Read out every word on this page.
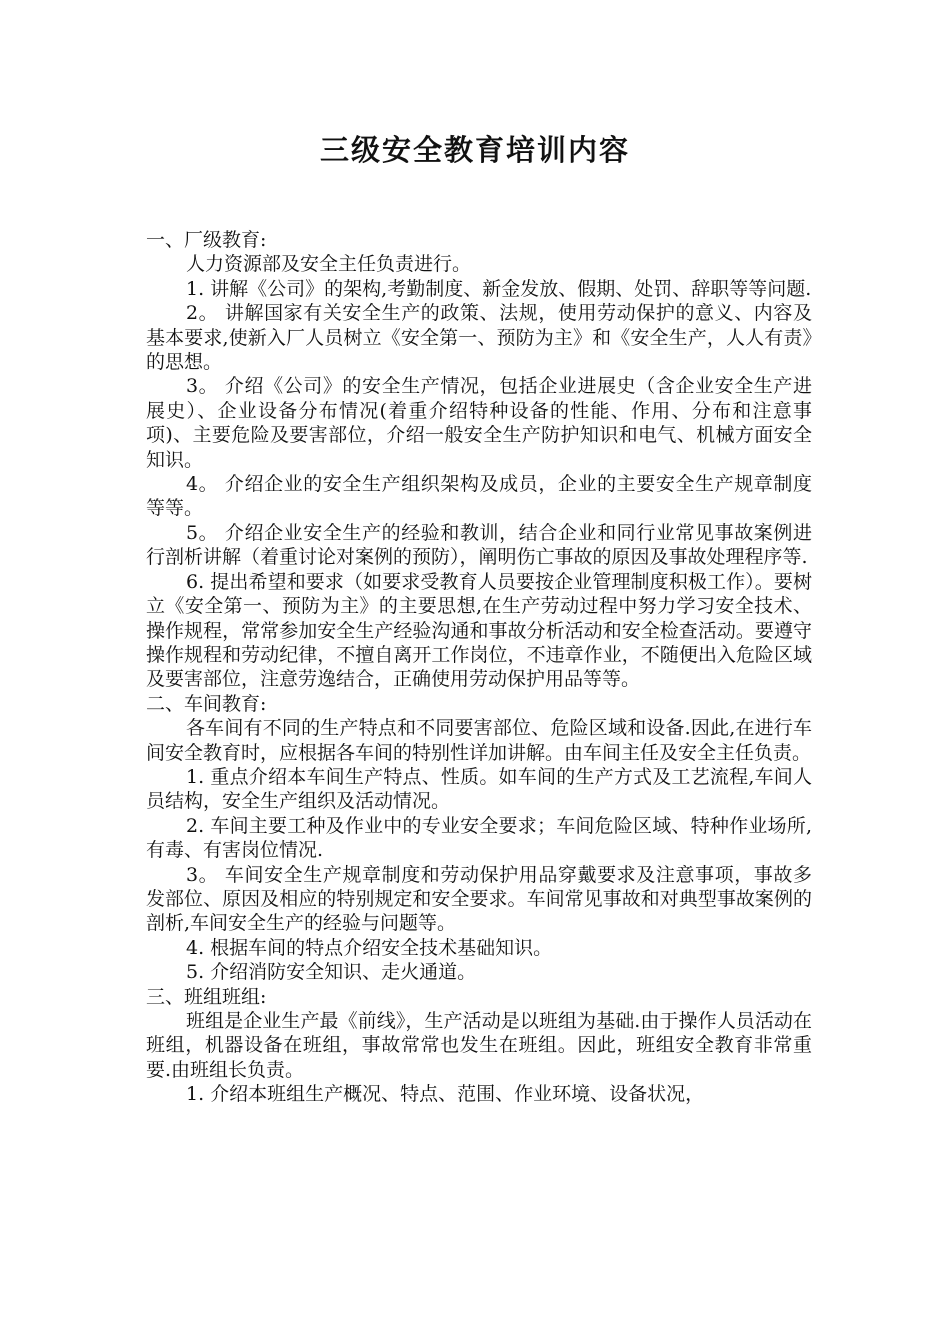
三级安全教育培训内容

一、厂级教育:

人力资源部及安全主任负责进行。

1. 讲解《公司》的架构,考勤制度、新金发放、假期、处罚、辞职等等问题.

2。 讲解国家有关安全生产的政策、法规，使用劳动保护的意义、内容及基本要求,使新入厂人员树立《安全第一、预防为主》和《安全生产，人人有责》的思想。

3。 介绍《公司》的安全生产情况，包括企业进展史（含企业安全生产进展史）、企业设备分布情况(着重介绍特种设备的性能、作用、分布和注意事项)、主要危险及要害部位，介绍一般安全生产防护知识和电气、机械方面安全知识。

4。 介绍企业的安全生产组织架构及成员，企业的主要安全生产规章制度等等。

5。 介绍企业安全生产的经验和教训，结合企业和同行业常见事故案例进行剖析讲解（着重讨论对案例的预防），阐明伤亡事故的原因及事故处理程序等.

6. 提出希望和要求（如要求受教育人员要按企业管理制度积极工作）。要树立《安全第一、预防为主》的主要思想,在生产劳动过程中努力学习安全技术、操作规程，常常参加安全生产经验沟通和事故分析活动和安全检查活动。要遵守操作规程和劳动纪律，不擅自离开工作岗位，不违章作业，不随便出入危险区域及要害部位，注意劳逸结合，正确使用劳动保护用品等等。

二、车间教育:

各车间有不同的生产特点和不同要害部位、危险区域和设备.因此,在进行车间安全教育时，应根据各车间的特别性详加讲解。由车间主任及安全主任负责。

1. 重点介绍本车间生产特点、性质。如车间的生产方式及工艺流程,车间人员结构，安全生产组织及活动情况。

2. 车间主要工种及作业中的专业安全要求；车间危险区域、特种作业场所,有毒、有害岗位情况.

3。 车间安全生产规章制度和劳动保护用品穿戴要求及注意事项，事故多发部位、原因及相应的特别规定和安全要求。车间常见事故和对典型事故案例的剖析,车间安全生产的经验与问题等。

4. 根据车间的特点介绍安全技术基础知识。

5. 介绍消防安全知识、走火通道。

三、班组班组:

班组是企业生产最《前线》，生产活动是以班组为基础.由于操作人员活动在班组，机器设备在班组，事故常常也发生在班组。因此，班组安全教育非常重要.由班组长负责。

1. 介绍本班组生产概况、特点、范围、作业环境、设备状况，
